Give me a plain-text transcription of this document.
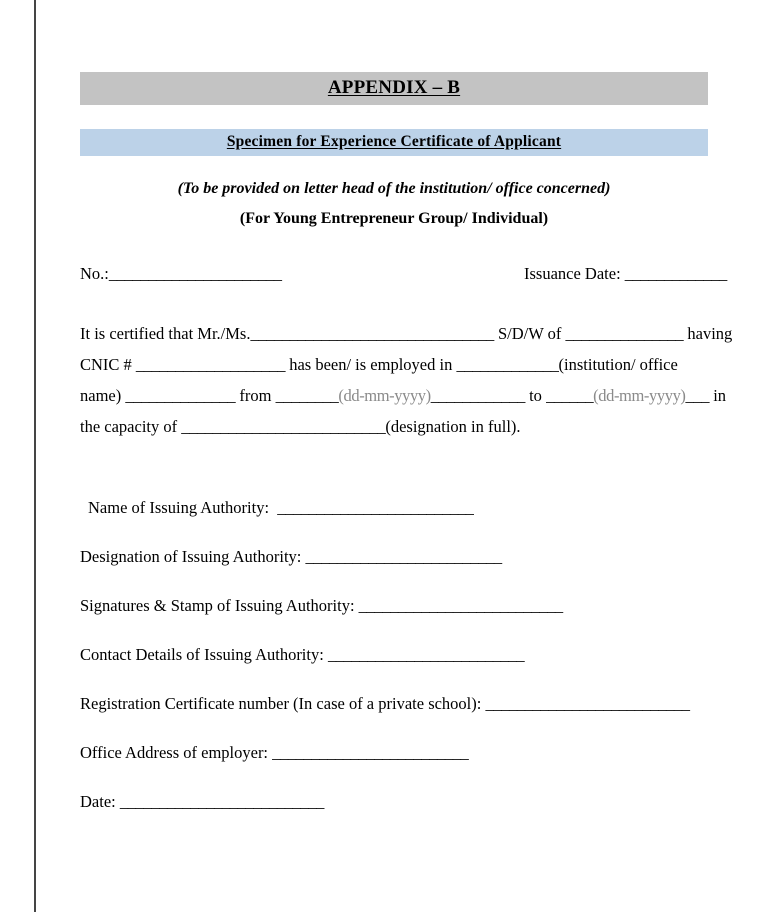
APPENDIX – B
Specimen for Experience Certificate of Applicant
(To be provided on letter head of the institution/ office concerned)
(For Young Entrepreneur Group/ Individual)
No.:______________________	Issuance Date: _____________
It is certified that Mr./Ms._______________________________ S/D/W of _______________ having CNIC # ___________________ has been/ is employed in _____________(institution/ office name) ______________ from ________(dd-mm-yyyy)____________ to ______(dd-mm-yyyy)___ in the capacity of __________________________(designation in full).
Name of Issuing Authority: _________________________
Designation of Issuing Authority: _________________________
Signatures & Stamp of Issuing Authority: __________________________
Contact Details of Issuing Authority: _________________________
Registration Certificate number (In case of a private school): __________________________
Office Address of employer: _________________________
Date: __________________________
